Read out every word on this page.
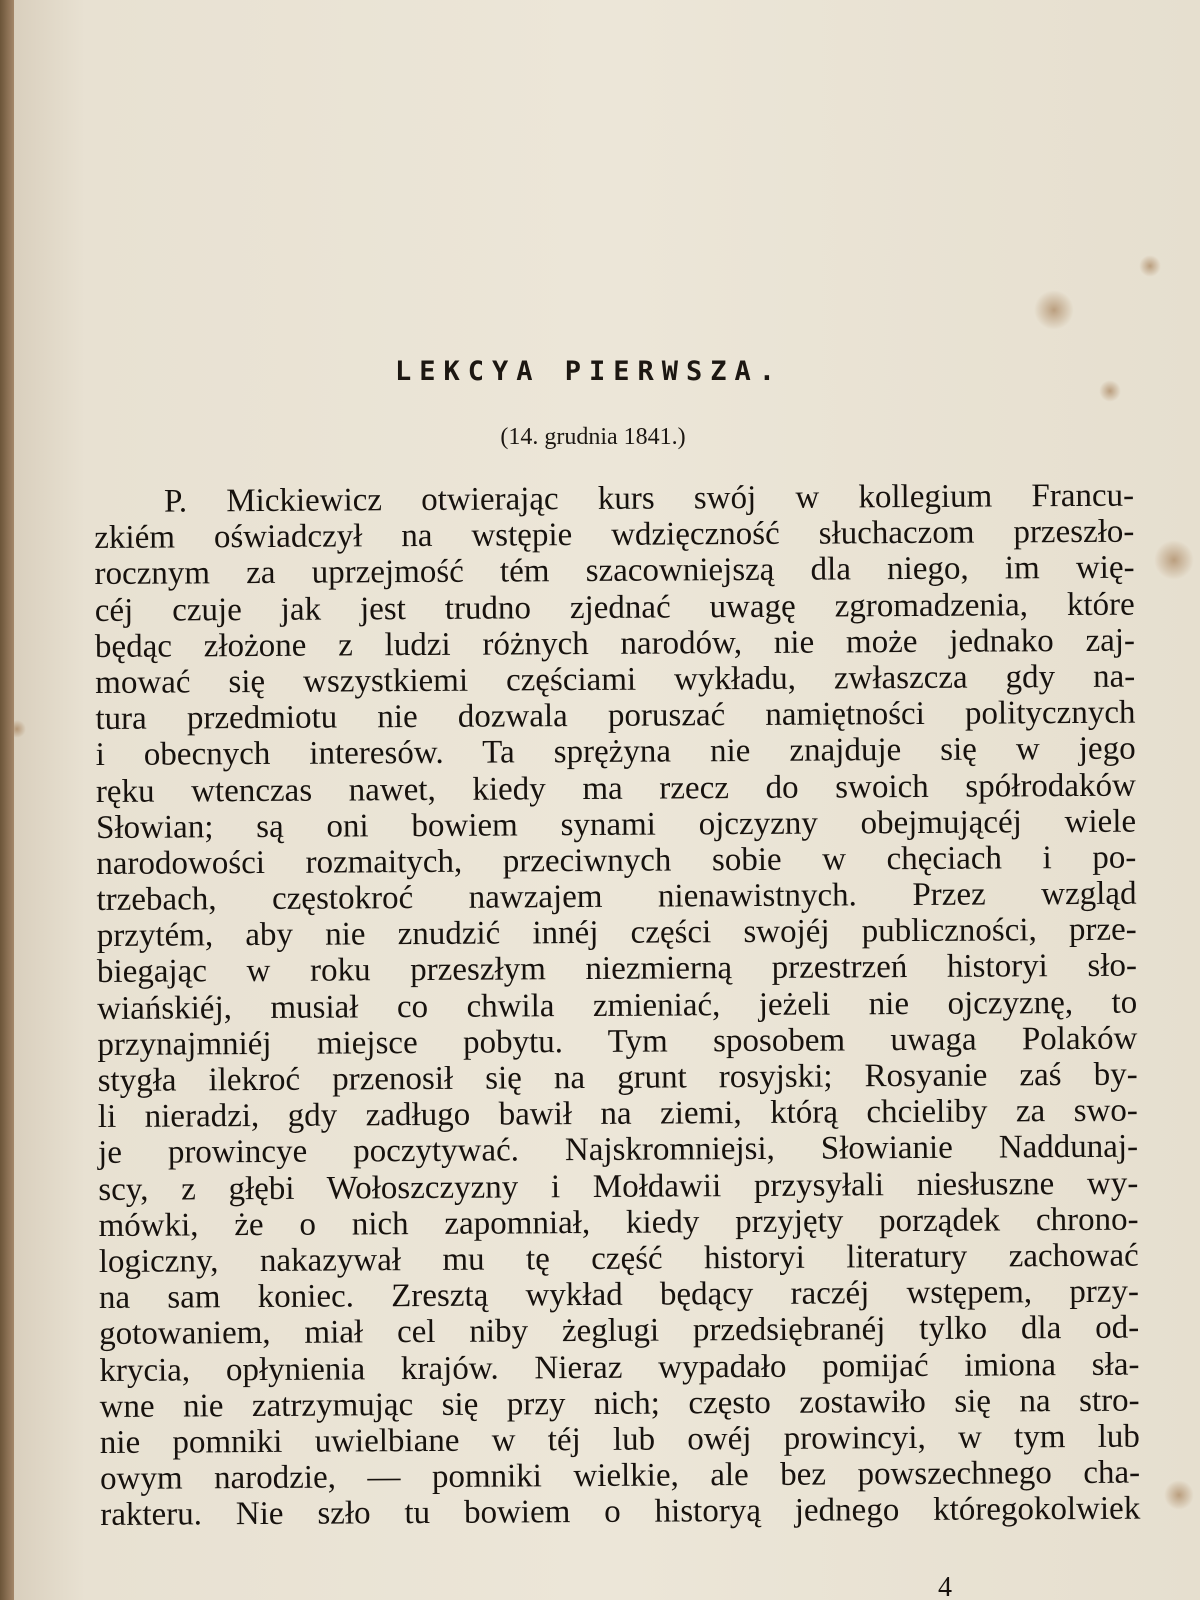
LEKCYA PIERWSZA.
(14. grudnia 1841.)
P. Mickiewicz otwierając kurs swój w kollegium Francu-
zkiém oświadczył na wstępie wdzięczność słuchaczom przeszło-
rocznym za uprzejmość tém szacowniejszą dla niego, im wię-
céj czuje jak jest trudno zjednać uwagę zgromadzenia, które
będąc złożone z ludzi różnych narodów, nie może jednako zaj-
mować się wszystkiemi częściami wykładu, zwłaszcza gdy na-
tura przedmiotu nie dozwala poruszać namiętności politycznych
i obecnych interesów. Ta sprężyna nie znajduje się w jego
ręku wtenczas nawet, kiedy ma rzecz do swoich spółrodaków
Słowian; są oni bowiem synami ojczyzny obejmującéj wiele
narodowości rozmaitych, przeciwnych sobie w chęciach i po-
trzebach, częstokroć nawzajem nienawistnych. Przez wzgląd
przytém, aby nie znudzić innéj części swojéj publiczności, prze-
biegając w roku przeszłym niezmierną przestrzeń historyi sło-
wiańskiéj, musiał co chwila zmieniać, jeżeli nie ojczyznę, to
przynajmniéj miejsce pobytu. Tym sposobem uwaga Polaków
stygła ilekroć przenosił się na grunt rosyjski; Rosyanie zaś by-
li nieradzi, gdy zadługo bawił na ziemi, którą chcieliby za swo-
je prowincye poczytywać. Najskromniejsi, Słowianie Naddunaj-
scy, z głębi Wołoszczyzny i Mołdawii przysyłali niesłuszne wy-
mówki, że o nich zapomniał, kiedy przyjęty porządek chrono-
logiczny, nakazywał mu tę część historyi literatury zachować
na sam koniec. Zresztą wykład będący raczéj wstępem, przy-
gotowaniem, miał cel niby żeglugi przedsiębranéj tylko dla od-
krycia, opłynienia krajów. Nieraz wypadało pomijać imiona sła-
wne nie zatrzymując się przy nich; często zostawiło się na stro-
nie pomniki uwielbiane w téj lub owéj prowincyi, w tym lub
owym narodzie, — pomniki wielkie, ale bez powszechnego cha-
rakteru. Nie szło tu bowiem o historyą jednego któregokolwiek
4
